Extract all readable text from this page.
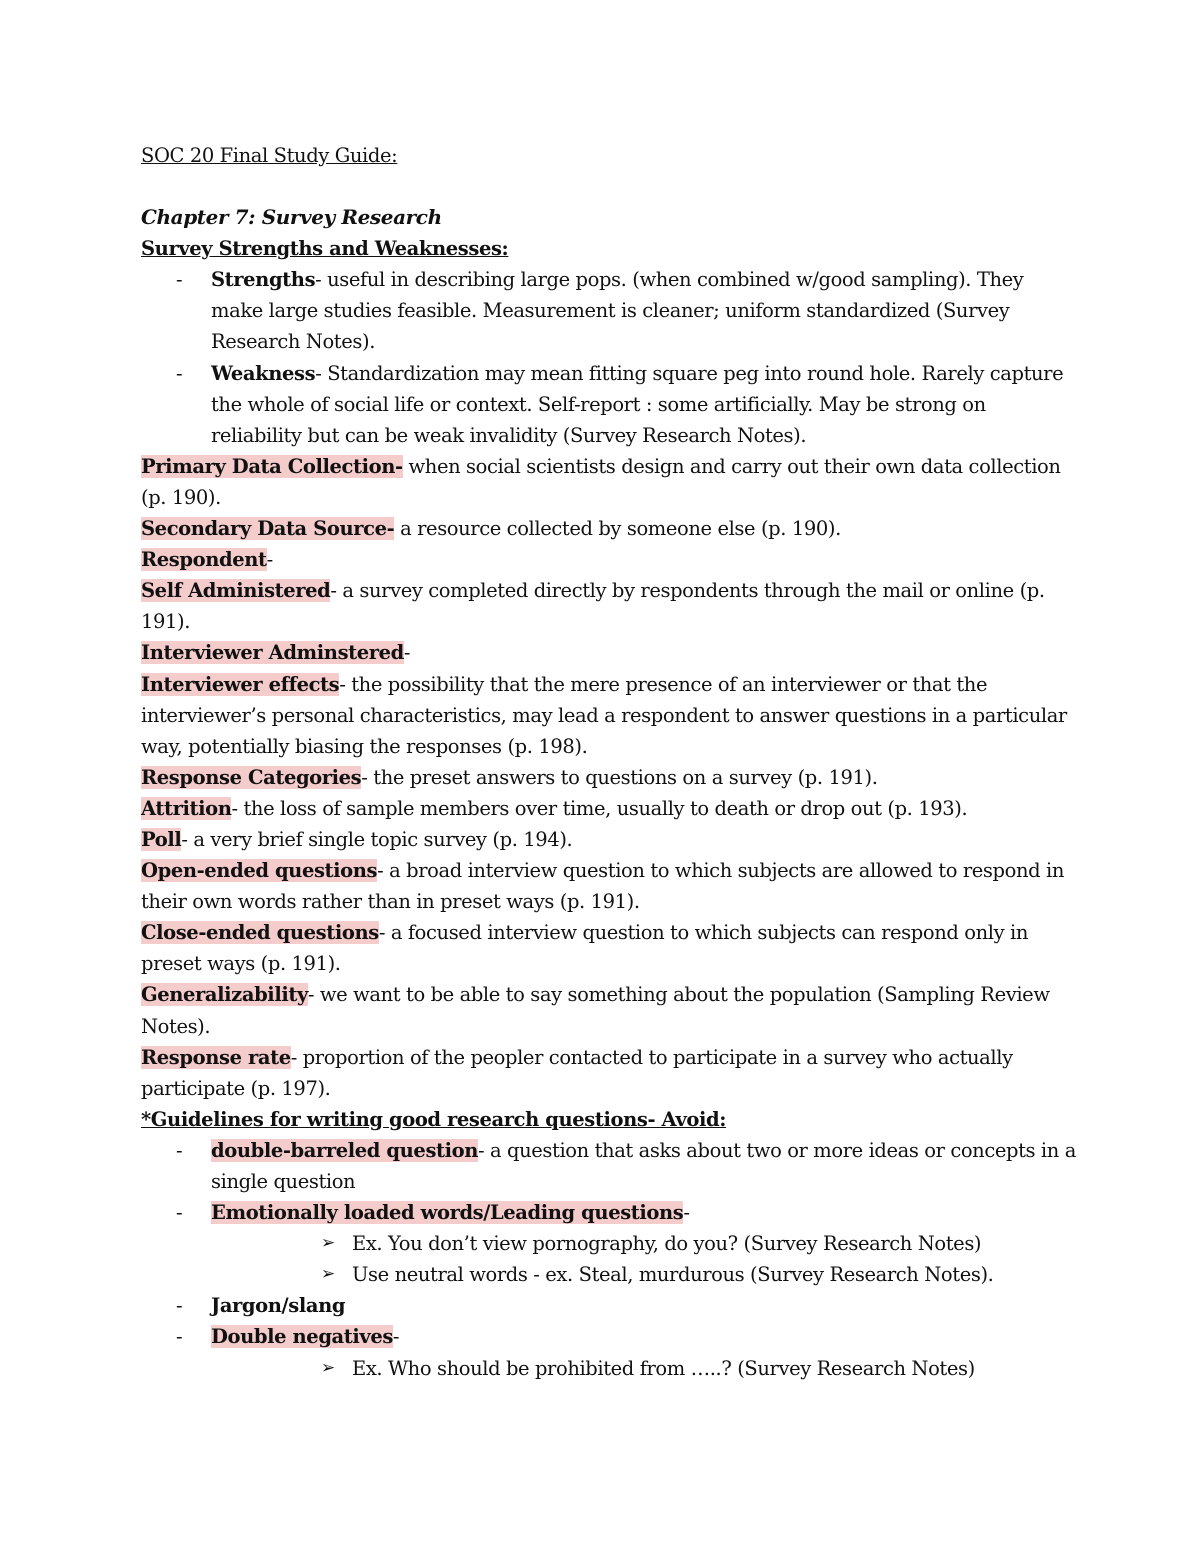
SOC 20 Final Study Guide:
Chapter 7: Survey Research
Survey Strengths and Weaknesses:
- Strengths- useful in describing large pops. (when combined w/good sampling). They
make large studies feasible. Measurement is cleaner; uniform standardized (Survey
Research Notes).
- Weakness- Standardization may mean fitting square peg into round hole. Rarely capture
the whole of social life or context. Self-report : some artificially. May be strong on
reliability but can be weak invalidity (Survey Research Notes).
Primary Data Collection- when social scientists design and carry out their own data collection
(p. 190).
Secondary Data Source- a resource collected by someone else (p. 190).
Respondent-
Self Administered- a survey completed directly by respondents through the mail or online (p.
191).
Interviewer Adminstered-
Interviewer effects- the possibility that the mere presence of an interviewer or that the
interviewer’s personal characteristics, may lead a respondent to answer questions in a particular
way, potentially biasing the responses (p. 198).
Response Categories- the preset answers to questions on a survey (p. 191).
Attrition- the loss of sample members over time, usually to death or drop out (p. 193).
Poll- a very brief single topic survey (p. 194).
Open-ended questions- a broad interview question to which subjects are allowed to respond in
their own words rather than in preset ways (p. 191).
Close-ended questions- a focused interview question to which subjects can respond only in
preset ways (p. 191).
Generalizability- we want to be able to say something about the population (Sampling Review
Notes).
Response rate- proportion of the peopler contacted to participate in a survey who actually
participate (p. 197).
*Guidelines for writing good research questions- Avoid:
- double-barreled question- a question that asks about two or more ideas or concepts in a
single question
- Emotionally loaded words/Leading questions-
➢ Ex. You don’t view pornography, do you? (Survey Research Notes)
➢ Use neutral words - ex. Steal, murdurous (Survey Research Notes).
- Jargon/slang
- Double negatives-
➢ Ex. Who should be prohibited from …..? (Survey Research Notes)
